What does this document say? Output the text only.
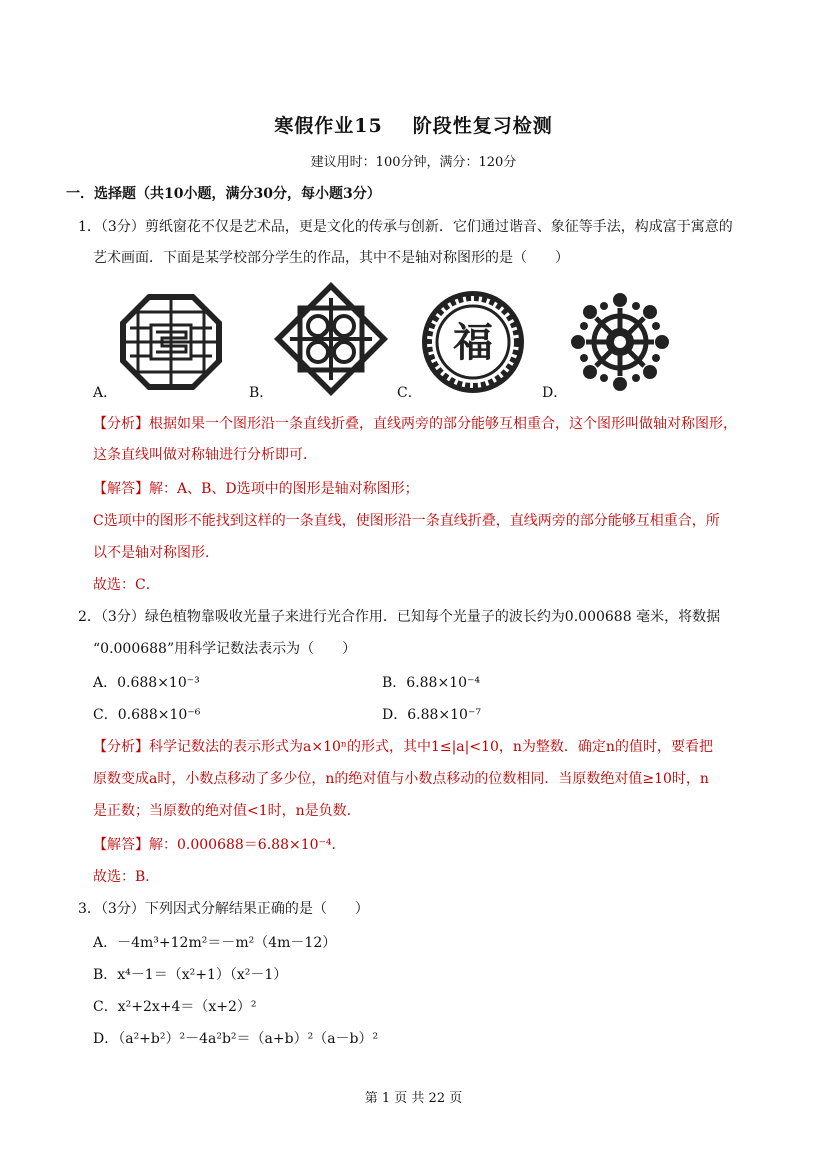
寒假作业15 阶段性复习检测
建议用时：100分钟，满分：120分
一．选择题（共10小题，满分30分，每小题3分）
1．（3分）剪纸窗花不仅是艺术品，更是文化的传承与创新．它们通过谐音、象征等手法，构成富于寓意的
艺术画面．下面是某学校部分学生的作品，其中不是轴对称图形的是（　　）
A．	B．
福
C．	D．
【分析】根据如果一个图形沿一条直线折叠，直线两旁的部分能够互相重合，这个图形叫做轴对称图形，
这条直线叫做对称轴进行分析即可．
【解答】解：A、B、D选项中的图形是轴对称图形；
C选项中的图形不能找到这样的一条直线，使图形沿一条直线折叠，直线两旁的部分能够互相重合，所
以不是轴对称图形．
故选：C．
2．（3分）绿色植物靠吸收光量子来进行光合作用．已知每个光量子的波长约为0.000688 毫米，将数据
“0.000688”用科学记数法表示为（　　）
A．0.688×10⁻³	B．6.88×10⁻⁴
C．0.688×10⁻⁶	D．6.88×10⁻⁷
【分析】科学记数法的表示形式为a×10ⁿ的形式，其中1≤|a|<10，n为整数．确定n的值时，要看把
原数变成a时，小数点移动了多少位，n的绝对值与小数点移动的位数相同．当原数绝对值≥10时，n
是正数；当原数的绝对值<1时，n是负数．
【解答】解：0.000688＝6.88×10⁻⁴．
故选：B．
3．（3分）下列因式分解结果正确的是（　　）
A．－4m³+12m²＝－m²（4m－12）
B．x⁴－1＝（x²+1）（x²－1）
C．x²+2x+4＝（x+2）²
D．（a²+b²）²－4a²b²＝（a+b）²（a－b）²
第 1 页 共 22 页
